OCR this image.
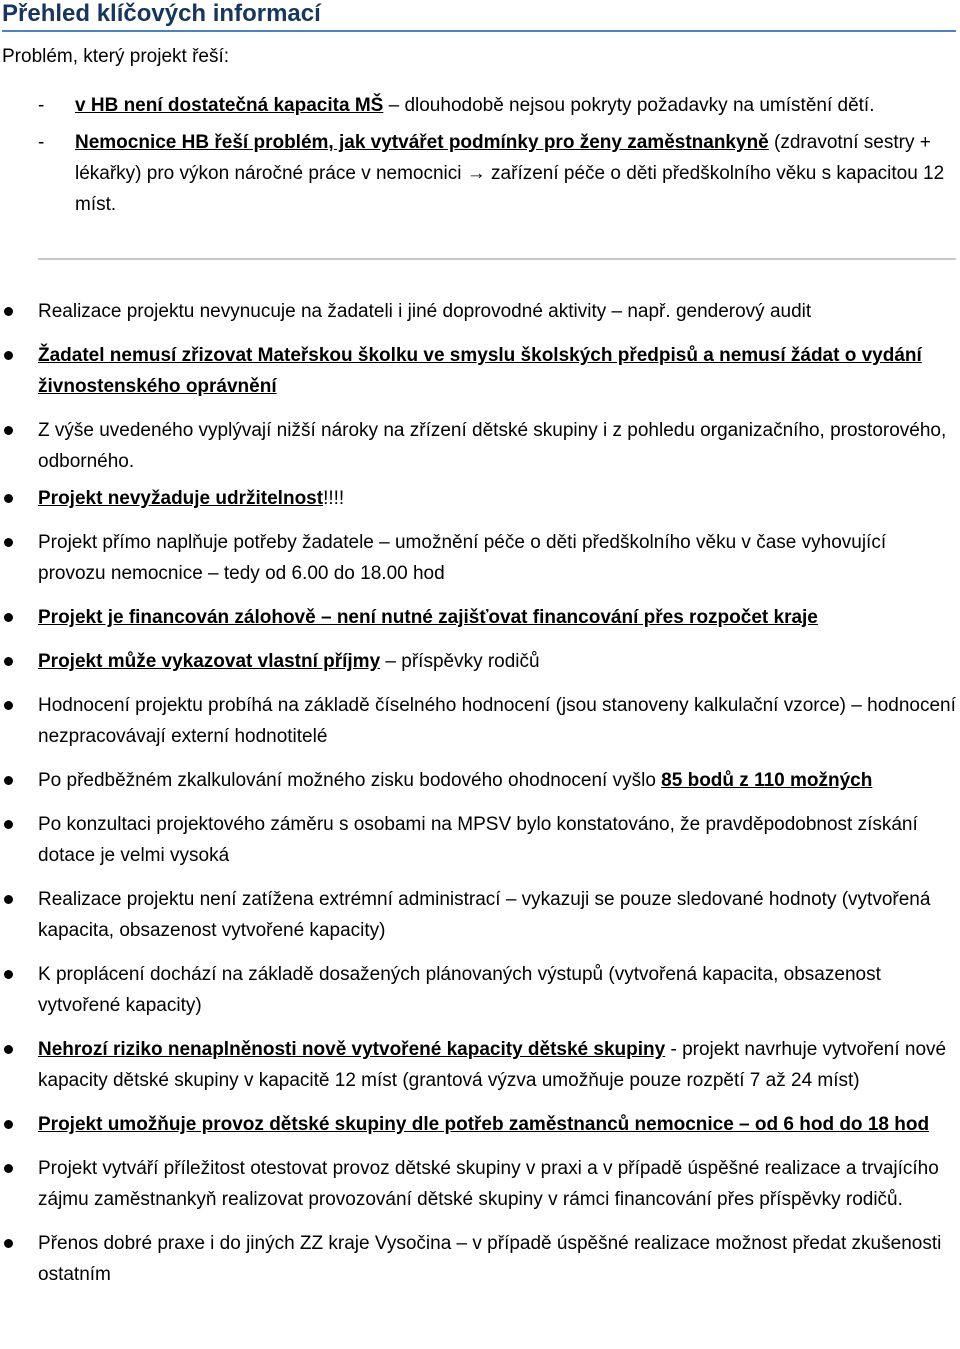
Přehled klíčových informací
Problém, který projekt řeší:
- v HB není dostatečná kapacita MŠ – dlouhodobě nejsou pokryty požadavky na umístění dětí.
- Nemocnice HB řeší problém, jak vytvářet podmínky pro ženy zaměstnankyně (zdravotní sestry + lékařky) pro výkon náročné práce v nemocnici → zařízení péče o děti předškolního věku s kapacitou 12 míst.
Realizace projektu nevynucuje na žadateli i jiné doprovodné aktivity – např. genderový audit
Žadatel nemusí zřizovat Mateřskou školku ve smyslu školských předpisů a nemusí žádat o vydání živnostenského oprávnění
Z výše uvedeného vyplývají nižší nároky na zřízení dětské skupiny i z pohledu organizačního, prostorového, odborného.
Projekt nevyžaduje udržitelnost!!!!
Projekt přímo naplňuje potřeby žadatele – umožnění péče o děti předškolního věku v čase vyhovující provozu nemocnice – tedy od 6.00 do 18.00 hod
Projekt je financován zálohově – není nutné zajišťovat financování přes rozpočet kraje
Projekt může vykazovat vlastní příjmy – příspěvky rodičů
Hodnocení projektu probíhá na základě číselného hodnocení (jsou stanoveny kalkulační vzorce) – hodnocení nezpracovávají externí hodnotitelé
Po předběžném zkalkulování možného zisku bodového ohodnocení vyšlo 85 bodů z 110 možných
Po konzultaci projektového záměru s osobami na MPSV bylo konstatováno, že pravděpodobnost získání dotace je velmi vysoká
Realizace projektu není zatížena extrémní administrací – vykazuji se pouze sledované hodnoty (vytvořená kapacita, obsazenost vytvořené kapacity)
K proplácení dochází na základě dosažených plánovaných výstupů (vytvořená kapacita, obsazenost vytvořené kapacity)
Nehrozí riziko nenaplněnosti nově vytvořené kapacity dětské skupiny - projekt navrhuje vytvoření nové kapacity dětské skupiny v kapacitě 12 míst (grantová výzva umožňuje pouze rozpětí 7 až 24 míst)
Projekt umožňuje provoz dětské skupiny dle potřeb zaměstnanců nemocnice – od 6 hod do 18 hod
Projekt vytváří příležitost otestovat provoz dětské skupiny v praxi a v případě úspěšné realizace a trvajícího zájmu zaměstnankyň realizovat provozování dětské skupiny v rámci financování přes příspěvky rodičů.
Přenos dobré praxe i do jiných ZZ kraje Vysočina – v případě úspěšné realizace možnost předat zkušenosti ostatním
